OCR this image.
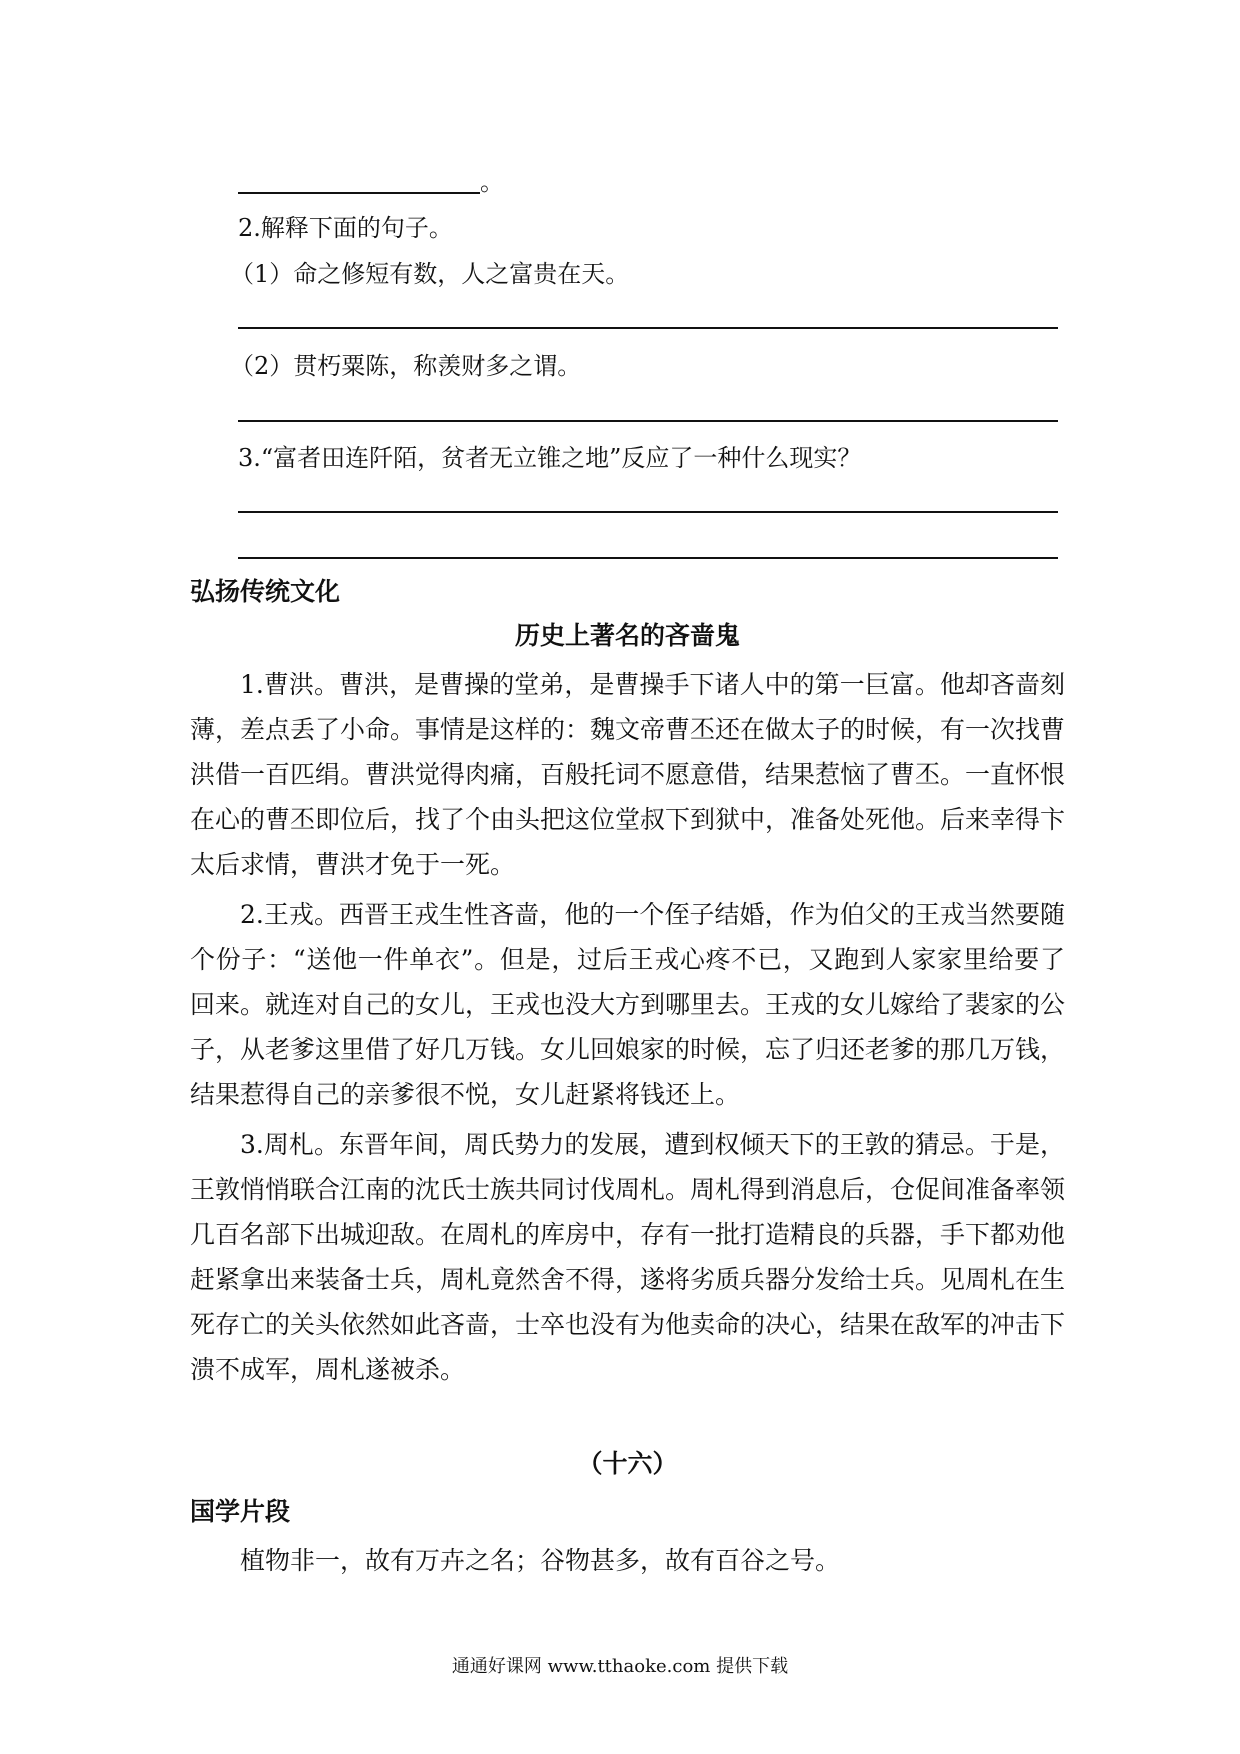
。
2.解释下面的句子。
（1）命之修短有数，人之富贵在天。
（2）贯朽粟陈，称羡财多之谓。
3.“富者田连阡陌，贫者无立锥之地”反应了一种什么现实？
弘扬传统文化
历史上著名的吝啬鬼
1.曹洪。曹洪，是曹操的堂弟，是曹操手下诸人中的第一巨富。他却吝啬刻薄，差点丢了小命。事情是这样的：魏文帝曹丕还在做太子的时候，有一次找曹洪借一百匹绢。曹洪觉得肉痛，百般托词不愿意借，结果惹恼了曹丕。一直怀恨在心的曹丕即位后，找了个由头把这位堂叔下到狱中，准备处死他。后来幸得卞太后求情，曹洪才免于一死。
2.王戎。西晋王戎生性吝啬，他的一个侄子结婚，作为伯父的王戎当然要随个份子：“送他一件单衣”。但是，过后王戎心疼不已，又跑到人家家里给要了回来。就连对自己的女儿，王戎也没大方到哪里去。王戎的女儿嫁给了裴家的公子，从老爹这里借了好几万钱。女儿回娘家的时候，忘了归还老爹的那几万钱，结果惹得自己的亲爹很不悦，女儿赶紧将钱还上。
3.周札。东晋年间，周氏势力的发展，遭到权倾天下的王敦的猜忌。于是，王敦悄悄联合江南的沈氏士族共同讨伐周札。周札得到消息后，仓促间准备率领几百名部下出城迎敌。在周札的库房中，存有一批打造精良的兵器，手下都劝他赶紧拿出来装备士兵，周札竟然舍不得，遂将劣质兵器分发给士兵。见周札在生死存亡的关头依然如此吝啬，士卒也没有为他卖命的决心，结果在敌军的冲击下溃不成军，周札遂被杀。
（十六）
国学片段
植物非一，故有万卉之名；谷物甚多，故有百谷之号。
通通好课网 www.tthaoke.com 提供下载
